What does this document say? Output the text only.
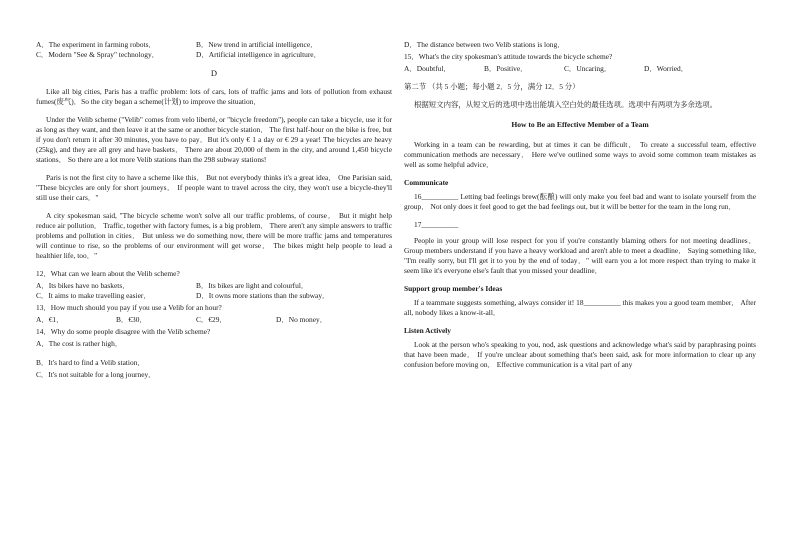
A．The experiment in farming robots．	B．New trend in artificial intelligence．
C．Modern "See & Spray" technology．	D．Artificial intelligence in agriculture．
D

Like all big cities, Paris has a traffic problem: lots of cars, lots of traffic jams and lots of pollution from exhaust fumes(废气)．So the city began a scheme(计划) to improve the situation．

Under the Velib scheme ("Velib" comes from velo liberté, or "bicycle freedom"), people can take a bicycle, use it for as long as they want, and then leave it at the same or another bicycle station． The first half-hour on the bike is free, but if you don't return it after 30 minutes, you have to pay．But it's only € 1 a day or € 29 a year! The bicycles are heavy (25kg), and they are all grey and have baskets． There are about 20,000 of them in the city, and around 1,450 bicycle stations． So there are a lot more Velib stations than the 298 subway stations!

Paris is not the first city to have a scheme like this． But not everybody thinks it's a great idea． One Parisian said, "These bicycles are only for short journeys． If people want to travel across the city, they won't use a bicycle-they'll still use their cars．"

A city spokesman said, "The bicycle scheme won't solve all our traffic problems, of course． But it might help reduce air pollution． Traffic, together with factory fumes, is a big problem． There aren't any simple answers to traffic problems and pollution in cities． But unless we do something now, there will be more traffic jams and temperatures will continue to rise, so the problems of our environment will get worse． The bikes might help people to lead a healthier life, too．"

12．What can we learn about the Velib scheme?
A．Its bikes have no baskets．	B．Its bikes are light and colourful．
C．It aims to make travelling easier．	D．It owns more stations than the subway．
13．How much should you pay if you use a Velib for an hour?
A．€1．	B．€30．	C．€29．	D．No money．
14．Why do some people disagree with the Velib scheme?
A．The cost is rather high．
B．It's hard to find a Velib station．
C．It's not suitable for a long journey．
D．The distance between two Velib stations is long．
15．What's the city spokesman's attitude towards the bicycle scheme?
A．Doubtful．	B．Positive．	C．Uncaring．	D．Worried．
第二节 （共 5 小题；每小题 2．5 分，满分 12．5 分）
根据短文内容，从短文后的选项中选出能填入空白处的最佳选项。选项中有两项为多余选项。
How to Be an Effective Member of a Team

Working in a team can be rewarding, but at times it can be difficult． To create a successful team, effective communication methods are necessary． Here we've outlined some ways to avoid some common team mistakes as well as some helpful advice．

Communicate

16__________ Letting bad feelings brew(酝酿) will only make you feel bad and want to isolate yourself from the group． Not only does it feel good to get the bad feelings out, but it will be better for the team in the long run．

17__________

People in your group will lose respect for you if you're constantly blaming others for not meeting deadlines． Group members understand if you have a heavy workload and aren't able to meet a deadline． Saying something like, "I'm really sorry, but I'll get it to you by the end of today．" will earn you a lot more respect than trying to make it seem like it's everyone else's fault that you missed your deadline．

Support group member's Ideas

If a teammate suggests something, always consider it! 18__________ this makes you a good team member． After all, nobody likes a know-it-all．

Listen Actively

Look at the person who's speaking to you, nod, ask questions and acknowledge what's said by paraphrasing points that have been made． If you're unclear about something that's been said, ask for more information to clear up any confusion before moving on． Effective communication is a vital part of any
